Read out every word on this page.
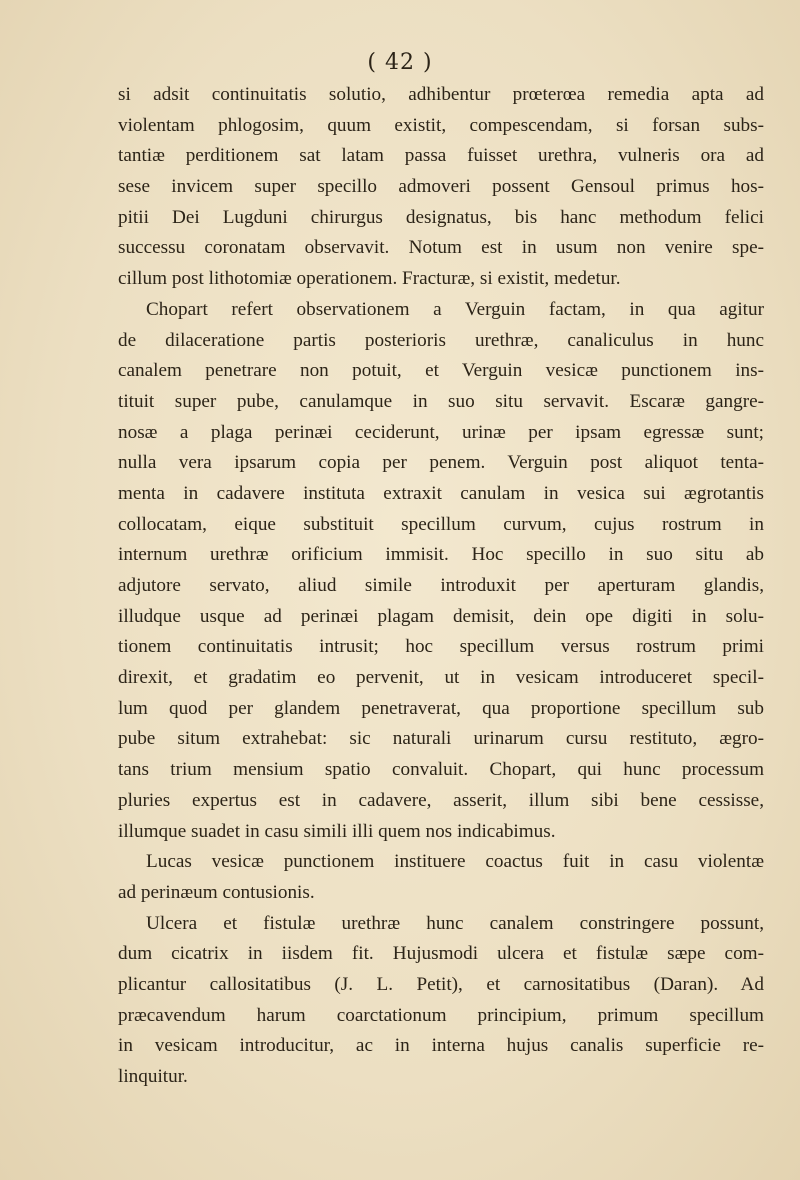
( 42 )
si adsit continuitatis solutio, adhibentur prœterœa remedia apta ad
violentam phlogosim, quum existit, compescendam, si forsan subs-
tantiæ perditionem sat latam passa fuisset urethra, vulneris ora ad
sese invicem super specillo admoveri possent Gensoul primus hos-
pitii Dei Lugduni chirurgus designatus, bis hanc methodum felici
successu coronatam observavit. Notum est in usum non venire spe-
cillum post lithotomiæ operationem. Fracturæ, si existit, medetur.
Chopart refert observationem a Verguin factam, in qua agitur
de dilaceratione partis posterioris urethræ, canaliculus in hunc
canalem penetrare non potuit, et Verguin vesicæ punctionem ins-
tituit super pube, canulamque in suo situ servavit. Escaræ gangre-
nosæ a plaga perinæi ceciderunt, urinæ per ipsam egressæ sunt;
nulla vera ipsarum copia per penem. Verguin post aliquot tenta-
menta in cadavere instituta extraxit canulam in vesica sui ægrotantis
collocatam, eique substituit specillum curvum, cujus rostrum in
internum urethræ orificium immisit. Hoc specillo in suo situ ab
adjutore servato, aliud simile introduxit per aperturam glandis,
illudque usque ad perinæi plagam demisit, dein ope digiti in solu-
tionem continuitatis intrusit; hoc specillum versus rostrum primi
direxit, et gradatim eo pervenit, ut in vesicam introduceret specil-
lum quod per glandem penetraverat, qua proportione specillum sub
pube situm extrahebat: sic naturali urinarum cursu restituto, ægro-
tans trium mensium spatio convaluit. Chopart, qui hunc processum
pluries expertus est in cadavere, asserit, illum sibi bene cessisse,
illumque suadet in casu simili illi quem nos indicabimus.
Lucas vesicæ punctionem instituere coactus fuit in casu violentæ
ad perinæum contusionis.
Ulcera et fistulæ urethræ hunc canalem constringere possunt,
dum cicatrix in iisdem fit. Hujusmodi ulcera et fistulæ sæpe com-
plicantur callositatibus (J. L. Petit), et carnositatibus (Daran). Ad
præcavendum harum coarctationum principium, primum specillum
in vesicam introducitur, ac in interna hujus canalis superficie re-
linquitur.
